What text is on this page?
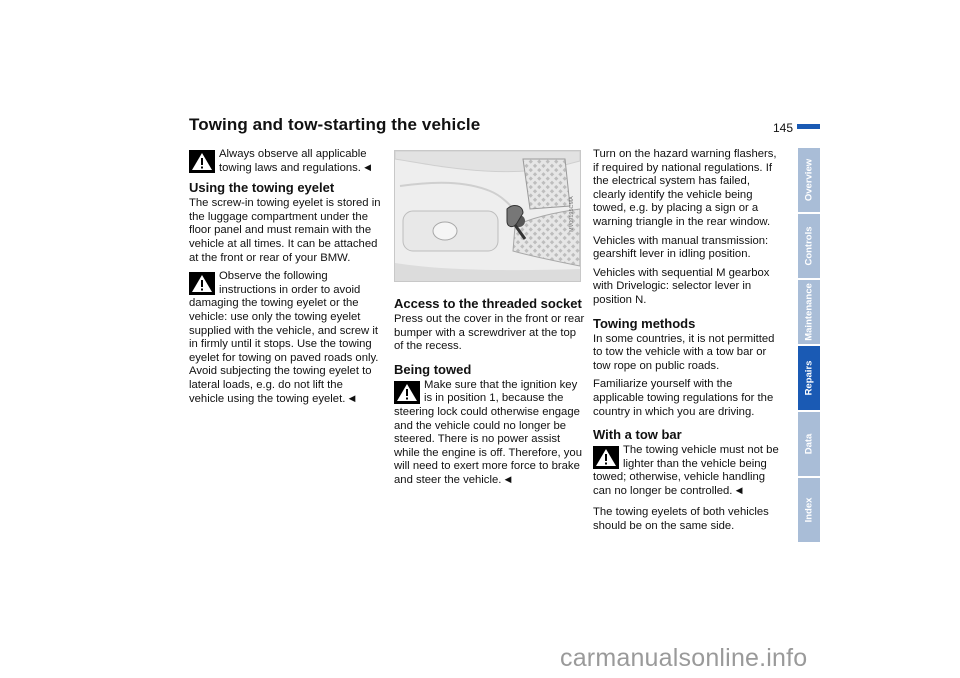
Towing and tow-starting the vehicle	145
Always observe all applicable towing laws and regulations.◄
Using the towing eyelet

The screw-in towing eyelet is stored in the luggage compartment under the floor panel and must remain with the vehicle at all times. It can be attached at the front or rear of your BMW.

Observe the following instructions in order to avoid damaging the towing eyelet or the vehicle: use only the towing eyelet supplied with the vehicle, and screw it in firmly until it stops. Use the towing eyelet for towing on paved roads only. Avoid subjecting the towing eyelet to lateral loads, e.g. do not lift the vehicle using the towing eyelet.◄
MV09195CMA
Access to the threaded socket

Press out the cover in the front or rear bumper with a screwdriver at the top of the recess.

Being towed
Make sure that the ignition key is in position 1, because the steering lock could otherwise engage and the vehicle could no longer be steered. There is no power assist while the engine is off. Therefore, you will need to exert more force to brake and steer the vehicle.◄

Turn on the hazard warning flashers, if required by national regulations. If the electrical system has failed, clearly identify the vehicle being towed, e.g. by placing a sign or a warning triangle in the rear window.

Vehicles with manual transmission: gearshift lever in idling position.

Vehicles with sequential M gearbox with Drivelogic: selector lever in position N.

Towing methods

In some countries, it is not permitted to tow the vehicle with a tow bar or tow rope on public roads.

Familiarize yourself with the applicable towing regulations for the country in which you are driving.

With a tow bar
The towing vehicle must not be lighter than the vehicle being towed; otherwise, vehicle handling can no longer be controlled.◄

The towing eyelets of both vehicles should be on the same side.

Overview
Controls
Maintenance
Repairs
Data
Index
carmanualsonline.info
